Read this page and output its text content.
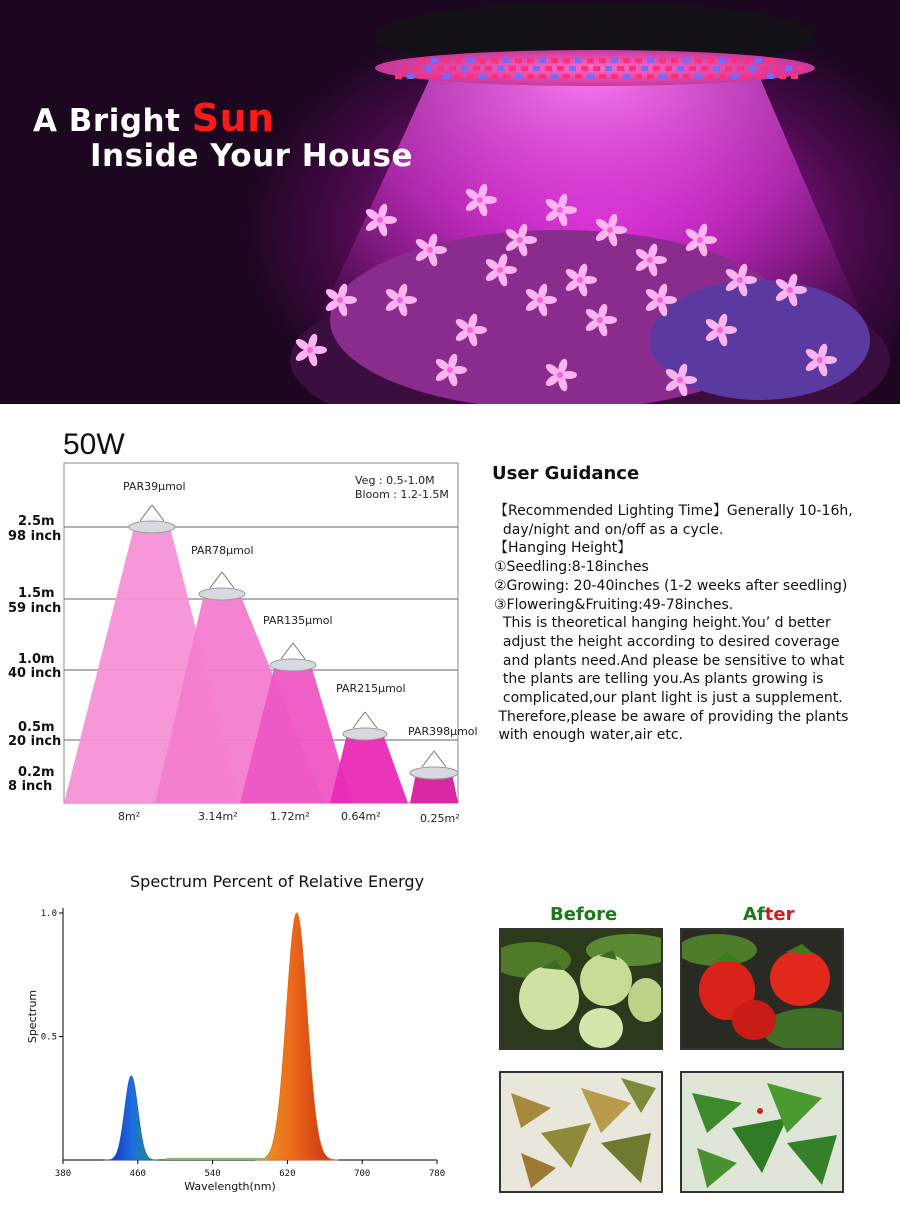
A Bright Sun
Inside Your House
50W
PAR39μmol
PAR78μmol
PAR135μmol
PAR215μmol
PAR398μmol
Veg : 0.5-1.0M
Bloom : 1.2-1.5M
2.5m
98 inch
1.5m
59 inch
1.0m
40 inch
0.5m
20 inch
0.2m
8 inch
8m²	3.14m²	1.72m²	0.64m²	0.25m²
User Guidance
【Recommended Lighting Time】Generally 10-16h,
day/night and on/off as a cycle.
【Hanging Height】
①Seedling:8-18inches
②Growing: 20-40inches (1-2 weeks after seedling)
③Flowering&Fruiting:49-78inches.
This is theoretical hanging height.You’ d better
adjust the height according to desired coverage
and plants need.And please be sensitive to what
the plants are telling you.As plants growing is
complicated,our plant light is just a supplement.
Therefore,please be aware of providing the plants
with enough water,air etc.
Spectrum Percent of Relative Energy
380	460	540	620	700	780
0.5
1.0
Wavelength(nm)
Spectrum
Before	After
